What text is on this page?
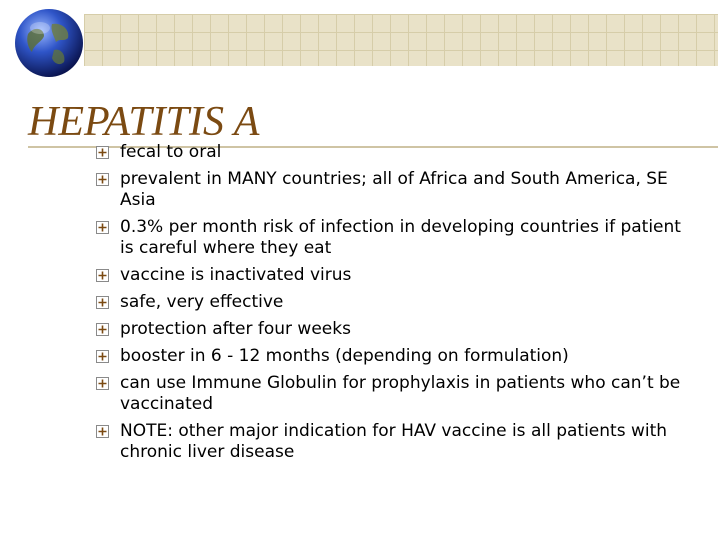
HEPATITIS A
fecal to oral
prevalent in MANY countries; all of Africa and South America, SE Asia
0.3% per month risk of infection in developing countries if patient is careful where they eat
vaccine is inactivated virus
safe, very effective
protection after four weeks
booster in 6 - 12 months (depending on formulation)
can use Immune Globulin for prophylaxis in patients who can’t be vaccinated
NOTE: other major indication for HAV vaccine is all patients with chronic liver disease
